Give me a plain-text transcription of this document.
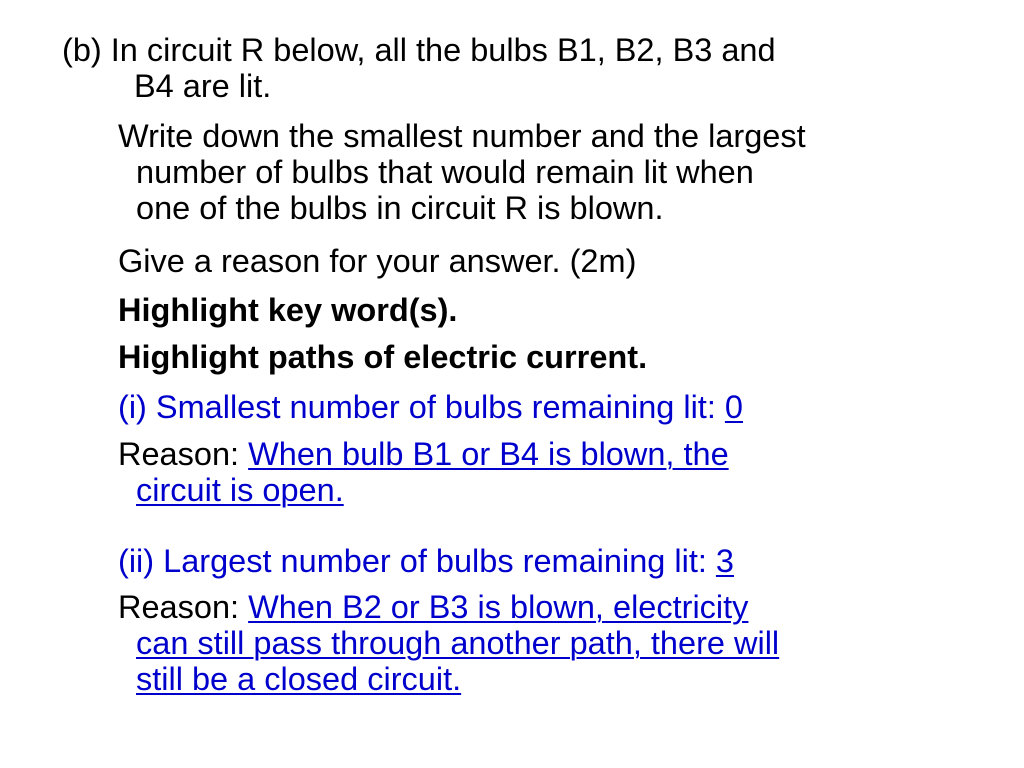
(b) In circuit R below, all the bulbs B1, B2, B3 and
B4 are lit.
Write down the smallest number and the largest
number of bulbs that would remain lit when
one of the bulbs in circuit R is blown.
Give a reason for your answer. (2m)
Highlight key word(s).
Highlight paths of electric current.
(i) Smallest number of bulbs remaining lit: 0
Reason: When bulb B1 or B4 is blown, the
circuit is open.
(ii) Largest number of bulbs remaining lit: 3
Reason: When B2 or B3 is blown, electricity
can still pass through another path, there will
still be a closed circuit.
